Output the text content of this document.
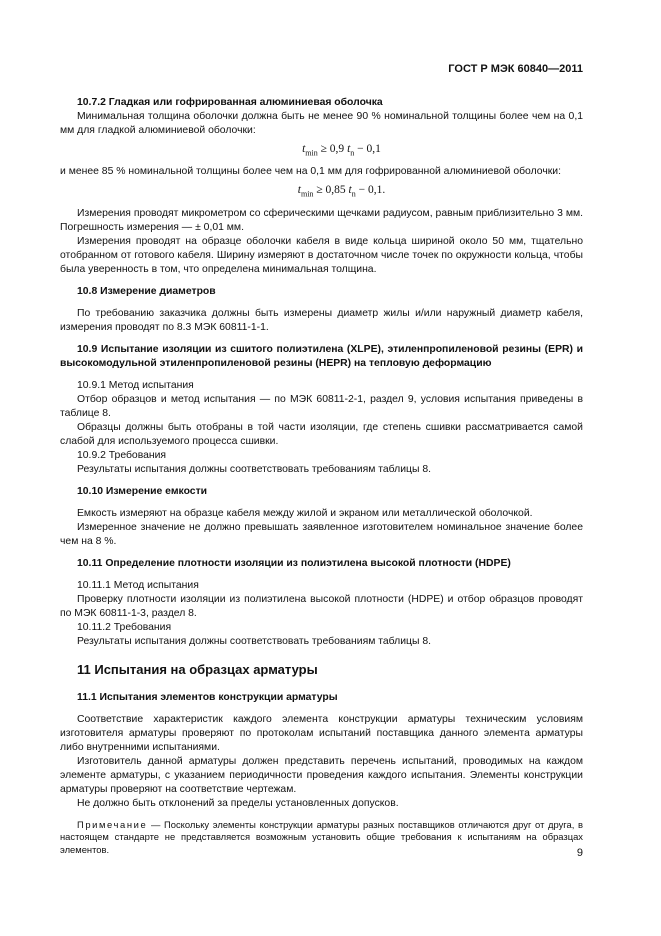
ГОСТ Р МЭК 60840—2011

10.7.2 Гладкая или гофрированная алюминиевая оболочка

Минимальная толщина оболочки должна быть не менее 90 % номинальной толщины более чем на 0,1 мм для гладкой алюминиевой оболочки:

$t_{min} \ge 0,9$ $t_n - 0,1$

и менее 85 % номинальной толщины более чем на 0,1 мм для гофрированной алюминиевой оболочки:

$t_{min} \ge 0,85$ $t_n - 0,1$.

Измерения проводят микрометром со сферическими щечками радиусом, равным приблизительно 3 мм. Погрешность измерения — ± 0,01 мм.

Измерения проводят на образце оболочки кабеля в виде кольца шириной около 50 мм, тщательно отобранном от готового кабеля. Ширину измеряют в достаточном числе точек по окружности кольца, чтобы была уверенность в том, что определена минимальная толщина.

10.8 Измерение диаметров

По требованию заказчика должны быть измерены диаметр жилы и/или наружный диаметр кабеля, измерения проводят по 8.3 МЭК 60811-1-1.

10.9 Испытание изоляции из сшитого полиэтилена (XLPE), этиленпропиленовой резины (EPR) и высокомодульной этиленпропиленовой резины (HEPR) на тепловую деформацию

10.9.1 Метод испытания

Отбор образцов и метод испытания — по МЭК 60811-2-1, раздел 9, условия испытания приведены в таблице 8.

Образцы должны быть отобраны в той части изоляции, где степень сшивки рассматривается самой слабой для используемого процесса сшивки.

10.9.2 Требования

Результаты испытания должны соответствовать требованиям таблицы 8.

10.10 Измерение емкости

Емкость измеряют на образце кабеля между жилой и экраном или металлической оболочкой.

Измеренное значение не должно превышать заявленное изготовителем номинальное значение более чем на 8 %.

10.11 Определение плотности изоляции из полиэтилена высокой плотности (HDPE)

10.11.1 Метод испытания

Проверку плотности изоляции из полиэтилена высокой плотности (HDPE) и отбор образцов проводят по МЭК 60811-1-3, раздел 8.

10.11.2 Требования

Результаты испытания должны соответствовать требованиям таблицы 8.

11 Испытания на образцах арматуры

11.1 Испытания элементов конструкции арматуры

Соответствие характеристик каждого элемента конструкции арматуры техническим условиям изготовителя арматуры проверяют по протоколам испытаний поставщика данного элемента арматуры либо внутренними испытаниями.

Изготовитель данной арматуры должен представить перечень испытаний, проводимых на каждом элементе арматуры, с указанием периодичности проведения каждого испытания. Элементы конструкции арматуры проверяют на соответствие чертежам.

Не должно быть отклонений за пределы установленных допусков.

Примечание — Поскольку элементы конструкции арматуры разных поставщиков отличаются друг от друга, в настоящем стандарте не представляется возможным установить общие требования к испытаниям на образцах элементов.	9
